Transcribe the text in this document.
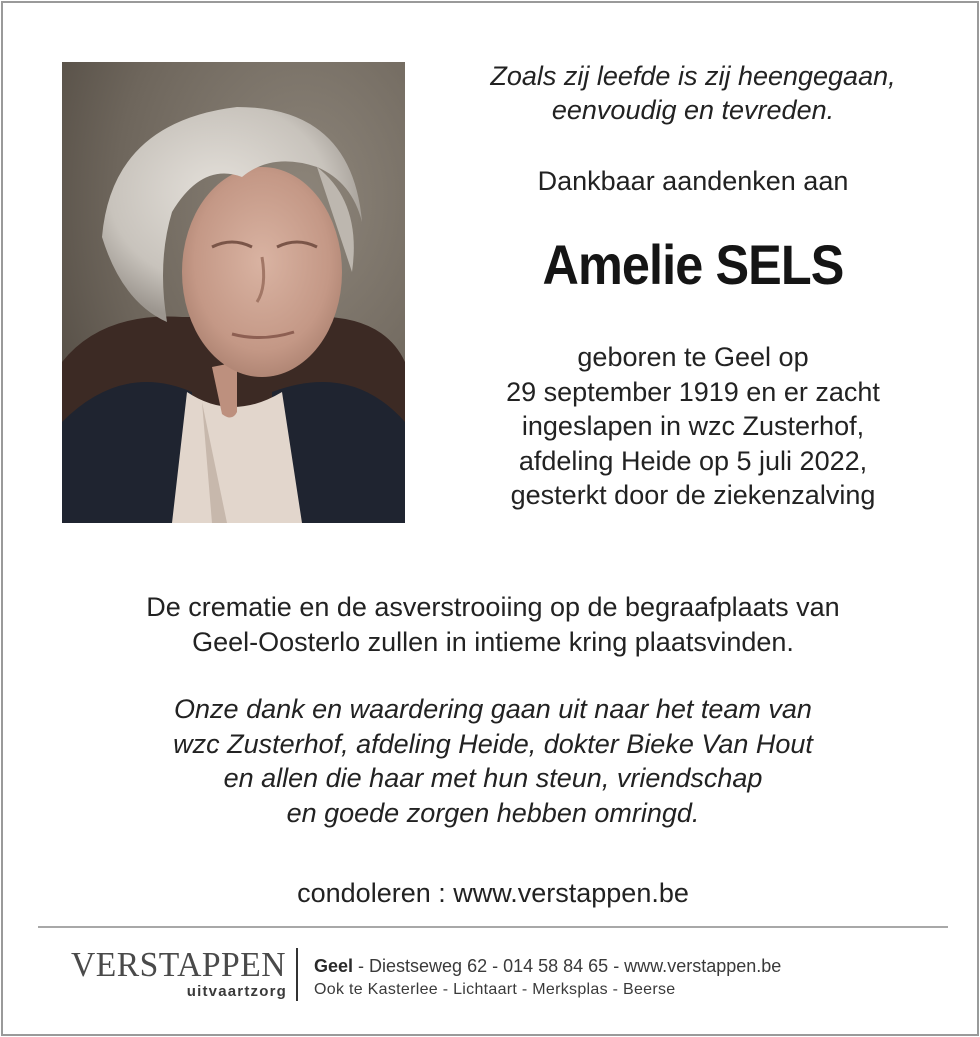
Zoals zij leefde is zij heengegaan,
eenvoudig en tevreden.
Dankbaar aandenken aan
Amelie SELS
geboren te Geel op
29 september 1919 en er zacht
ingeslapen in wzc Zusterhof,
afdeling Heide op 5 juli 2022,
gesterkt door de ziekenzalving
De crematie en de asverstrooiing op de begraafplaats van
Geel-Oosterlo zullen in intieme kring plaatsvinden.
Onze dank en waardering gaan uit naar het team van
wzc Zusterhof, afdeling Heide, dokter Bieke Van Hout
en allen die haar met hun steun, vriendschap
en goede zorgen hebben omringd.
condoleren : www.verstappen.be
VERSTAPPEN
uitvaartzorg
Geel - Diestseweg 62 - 014 58 84 65 - www.verstappen.be
Ook te Kasterlee - Lichtaart - Merksplas - Beerse
